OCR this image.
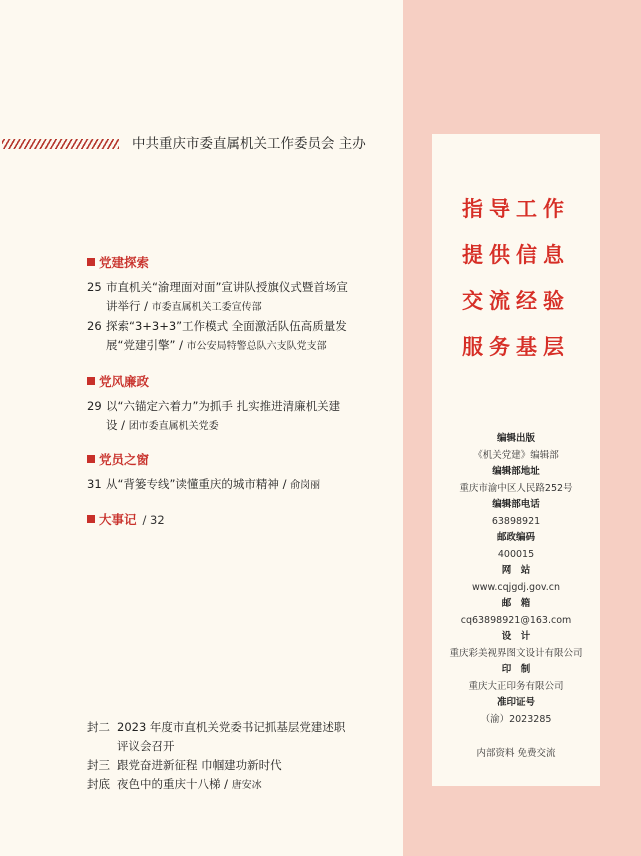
中共重庆市委直属机关工作委员会 主办
党建探索
25 市直机关“渝理面对面”宣讲队授旗仪式暨首场宣
讲举行 / 市委直属机关工委宣传部
26 探索“3+3+3”工作模式 全面激活队伍高质量发
展“党建引擎” / 市公安局特警总队六支队党支部
党风廉政
29 以“六锚定六着力”为抓手 扎实推进清廉机关建
设 / 团市委直属机关党委
党员之窗
31 从“背篓专线”读懂重庆的城市精神 / 俞岗丽
大事记 / 32
封二 2023 年度市直机关党委书记抓基层党建述职
评议会召开
封三 跟党奋进新征程 巾帼建功新时代
封底 夜色中的重庆十八梯 / 唐安冰
指导工作
提供信息
交流经验
服务基层
编辑出版
《机关党建》编辑部
编辑部地址
重庆市渝中区人民路252号
编辑部电话
63898921
邮政编码
400015
网　站
www.cqjgdj.gov.cn
邮　箱
cq63898921@163.com
设　计
重庆彩美视界图文设计有限公司
印　制
重庆大正印务有限公司
准印证号
（渝）2023285
内部资料 免费交流
